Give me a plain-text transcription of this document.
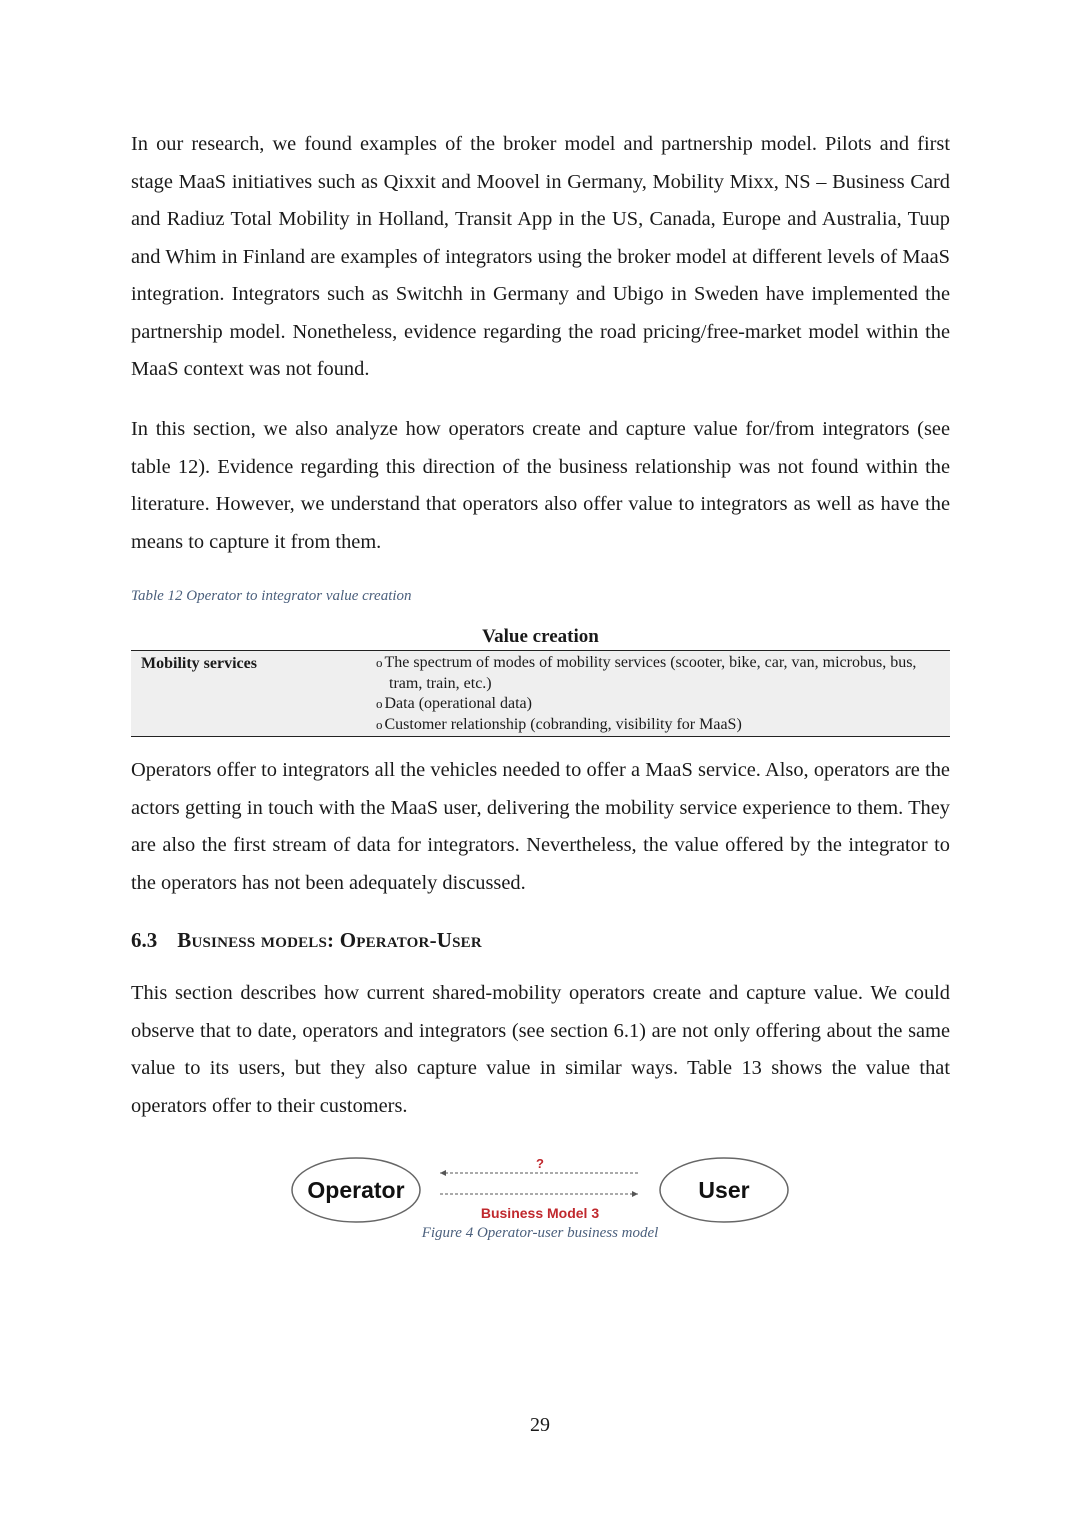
In our research, we found examples of the broker model and partnership model. Pilots and first stage MaaS initiatives such as Qixxit and Moovel in Germany, Mobility Mixx, NS – Business Card and Radiuz Total Mobility in Holland, Transit App in the US, Canada, Europe and Australia, Tuup and Whim in Finland are examples of integrators using the broker model at different levels of MaaS integration. Integrators such as Switchh in Germany and Ubigo in Sweden have implemented the partnership model. Nonetheless, evidence regarding the road pricing/free-market model within the MaaS context was not found.

In this section, we also analyze how operators create and capture value for/from integrators (see table 12). Evidence regarding this direction of the business relationship was not found within the literature. However, we understand that operators also offer value to integrators as well as have the means to capture it from them.

Table 12 Operator to integrator value creation
Value creation
Mobility services	o The spectrum of modes of mobility services (scooter, bike, car, van, microbus, bus, tram, train, etc.)
o Data (operational data)
o Customer relationship (cobranding, visibility for MaaS)

Operators offer to integrators all the vehicles needed to offer a MaaS service. Also, operators are the actors getting in touch with the MaaS user, delivering the mobility service experience to them. They are also the first stream of data for integrators. Nevertheless, the value offered by the integrator to the operators has not been adequately discussed.

6.3 Business models: Operator-User

This section describes how current shared-mobility operators create and capture value. We could observe that to date, operators and integrators (see section 6.1) are not only offering about the same value to its users, but they also capture value in similar ways. Table 13 shows the value that operators offer to their customers.

Operator	User
?
Business Model 3
Figure 4 Operator-user business model
29
